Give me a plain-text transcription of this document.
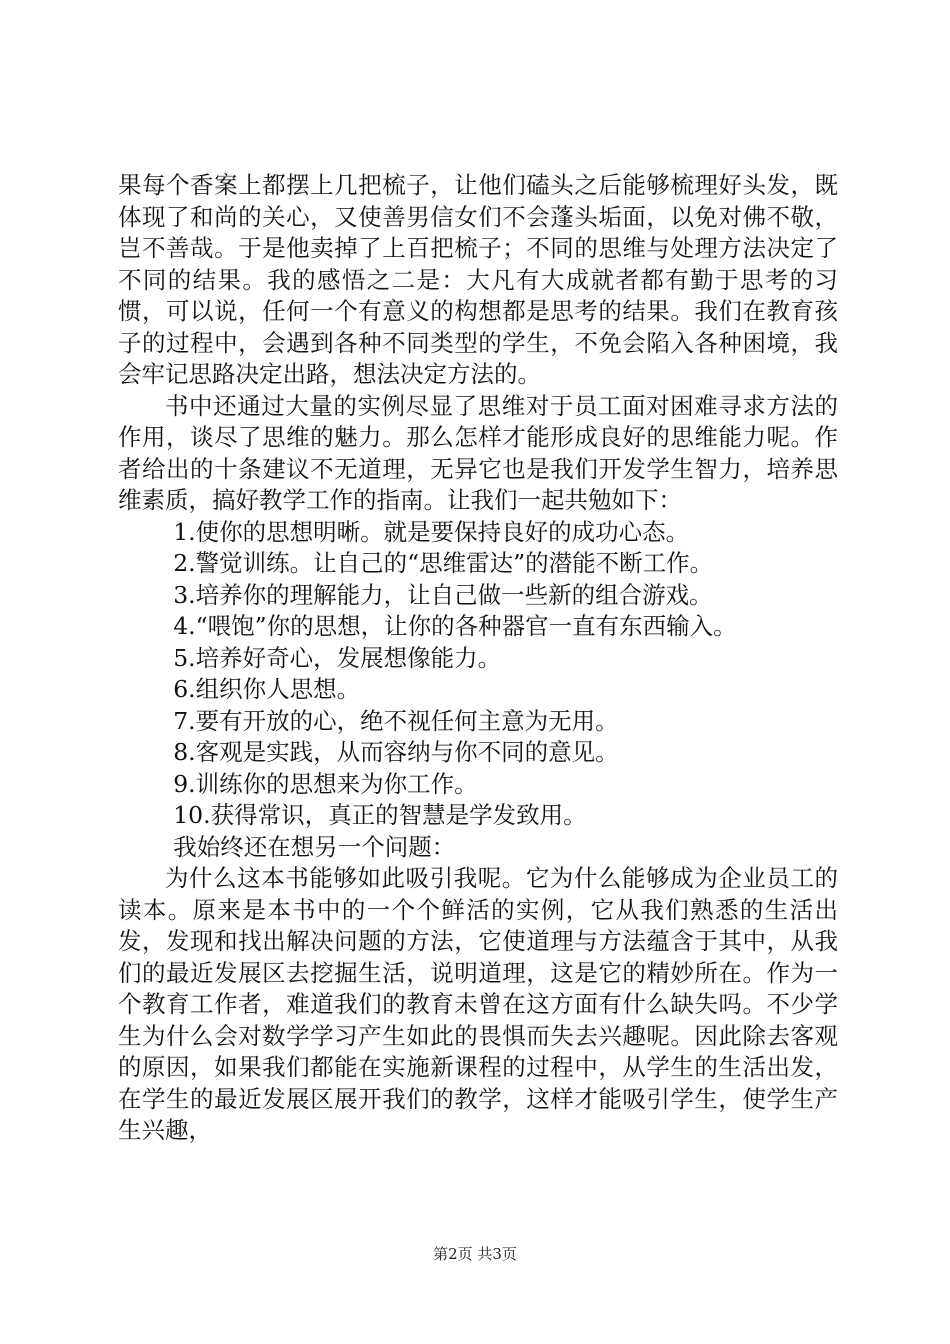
果每个香案上都摆上几把梳子，让他们磕头之后能够梳理好头发，既体现了和尚的关心，又使善男信女们不会蓬头垢面，以免对佛不敬，岂不善哉。于是他卖掉了上百把梳子；不同的思维与处理方法决定了不同的结果。我的感悟之二是：大凡有大成就者都有勤于思考的习惯，可以说，任何一个有意义的构想都是思考的结果。我们在教育孩子的过程中，会遇到各种不同类型的学生，不免会陷入各种困境，我会牢记思路决定出路，想法决定方法的。

书中还通过大量的实例尽显了思维对于员工面对困难寻求方法的作用，谈尽了思维的魅力。那么怎样才能形成良好的思维能力呢。作者给出的十条建议不无道理，无异它也是我们开发学生智力，培养思维素质，搞好教学工作的指南。让我们一起共勉如下：

1.使你的思想明晰。就是要保持良好的成功心态。
2.警觉训练。让自己的“思维雷达”的潜能不断工作。
3.培养你的理解能力，让自己做一些新的组合游戏。
4.“喂饱”你的思想，让你的各种器官一直有东西输入。
5.培养好奇心，发展想像能力。
6.组织你人思想。
7.要有开放的心，绝不视任何主意为无用。
8.客观是实践，从而容纳与你不同的意见。
9.训练你的思想来为你工作。
10.获得常识，真正的智慧是学发致用。
我始终还在想另一个问题：

为什么这本书能够如此吸引我呢。它为什么能够成为企业员工的读本。原来是本书中的一个个鲜活的实例，它从我们熟悉的生活出发，发现和找出解决问题的方法，它使道理与方法蕴含于其中，从我们的最近发展区去挖掘生活，说明道理，这是它的精妙所在。作为一个教育工作者，难道我们的教育未曾在这方面有什么缺失吗。不少学生为什么会对数学学习产生如此的畏惧而失去兴趣呢。因此除去客观的原因，如果我们都能在实施新课程的过程中，从学生的生活出发，在学生的最近发展区展开我们的教学，这样才能吸引学生，使学生产生兴趣，

第2页 共3页
